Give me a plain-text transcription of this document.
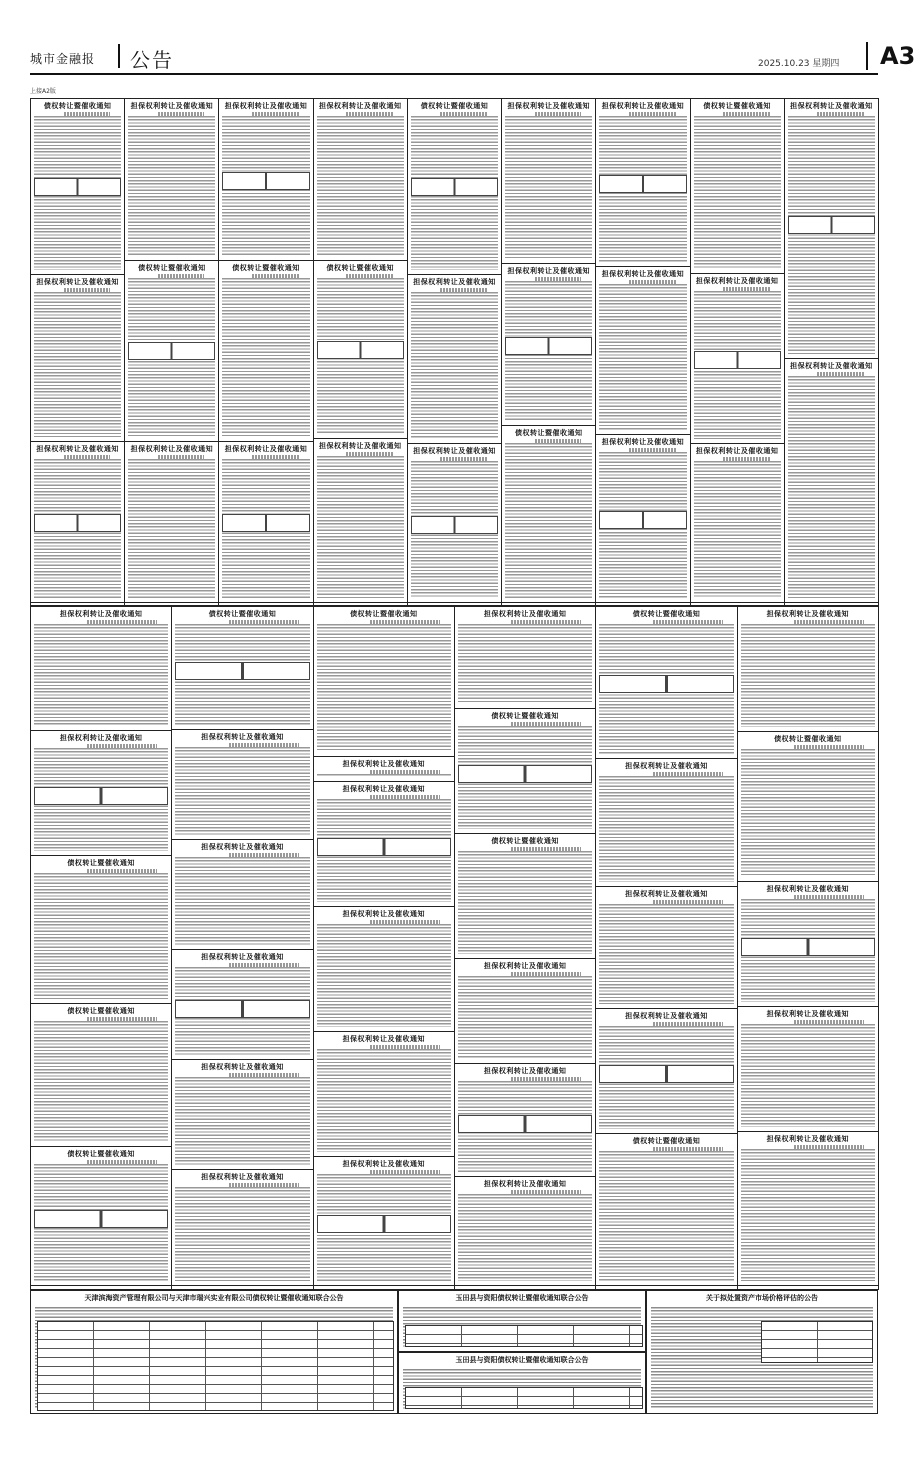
城市金融报 公告	2025.10.23 星期四 A3
上接A2版
债权转让暨催收通知
担保权利转让及催收通知
担保权利转让及催收通知
担保权利转让及催收通知
债权转让暨催收通知
担保权利转让及催收通知
担保权利转让及催收通知
债权转让暨催收通知
担保权利转让及催收通知
担保权利转让及催收通知
债权转让暨催收通知
担保权利转让及催收通知
债权转让暨催收通知
担保权利转让及催收通知
担保权利转让及催收通知
担保权利转让及催收通知
担保权利转让及催收通知
债权转让暨催收通知
担保权利转让及催收通知
担保权利转让及催收通知
担保权利转让及催收通知
债权转让暨催收通知
担保权利转让及催收通知
担保权利转让及催收通知
担保权利转让及催收通知
担保权利转让及催收通知
担保权利转让及催收通知
担保权利转让及催收通知
债权转让暨催收通知
债权转让暨催收通知
债权转让暨催收通知
债权转让暨催收通知
担保权利转让及催收通知
担保权利转让及催收通知
担保权利转让及催收通知
担保权利转让及催收通知
担保权利转让及催收通知
债权转让暨催收通知
担保权利转让及催收通知
担保权利转让及催收通知
担保权利转让及催收通知
担保权利转让及催收通知
担保权利转让及催收通知
担保权利转让及催收通知
债权转让暨催收通知
债权转让暨催收通知
担保权利转让及催收通知
担保权利转让及催收通知
担保权利转让及催收通知
债权转让暨催收通知
担保权利转让及催收通知
担保权利转让及催收通知
担保权利转让及催收通知
债权转让暨催收通知
担保权利转让及催收通知
债权转让暨催收通知
担保权利转让及催收通知
担保权利转让及催收通知
担保权利转让及催收通知
天津滨海资产管理有限公司与天津市瑞兴实业有限公司债权转让暨催收通知联合公告	玉田县与资阳债权转让暨催收通知联合公告
玉田县与资阳债权转让暨催收通知联合公告
关于拟处置资产市场价格评估的公告
